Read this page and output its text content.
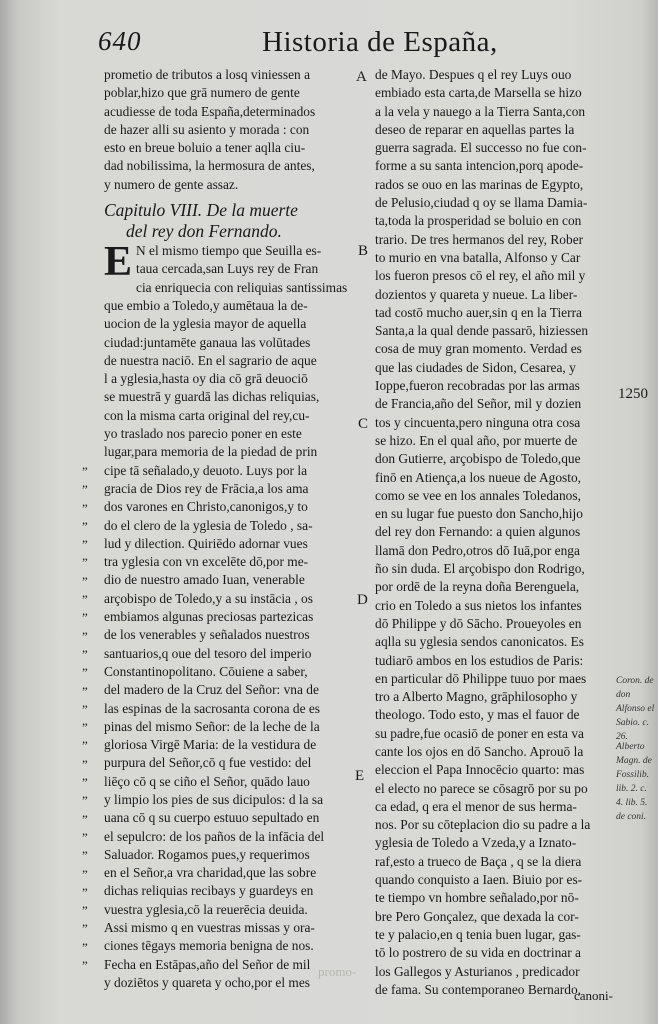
640	Historia de España,
prometio de tributos a losq viniessen a
poblar,hizo que grā numero de gente
acudiesse de toda España,determinados
de hazer alli su asiento y morada : con
esto en breue boluio a tener aqlla ciu-
dad nobilissima, la hermosura de antes,
y numero de gente assaz.
Capitulo VIII. De la muerte
del rey don Fernando.
E N el mismo tiempo que Seuilla es-
taua cercada,san Luys rey de Fran
cia enriquecia con reliquias santissimas
que embio a Toledo,y aumētaua la de-
uocion de la yglesia mayor de aquella
ciudad:juntamēte ganaua las volūtades
de nuestra naciō. En el sagrario de aque
l a yglesia,hasta oy dia cō grā deuociō
se muestrā y guardā las dichas reliquias,
con la misma carta original del rey,cu-
yo traslado nos parecio poner en este
lugar,para memoria de la piedad de prin
cipe tā señalado,y deuoto. Luys por la
gracia de Dios rey de Frācia,a los ama
dos varones en Christo,canonigos,y to
do el clero de la yglesia de Toledo , sa-
lud y dilection. Quiriēdo adornar vues
tra yglesia con vn excelēte dō,por me-
dio de nuestro amado Iuan, venerable
arçobispo de Toledo,y a su instācia , os
embiamos algunas preciosas partezicas
de los venerables y señalados nuestros
santuarios,q oue del tesoro del imperio
Constantinopolitano. Cōuiene a saber,
del madero de la Cruz del Señor: vna de
las espinas de la sacrosanta corona de es
pinas del mismo Señor: de la leche de la
gloriosa Virgē Maria: de la vestidura de
purpura del Señor,cō q fue vestido: del
liēço cō q se ciño el Señor, quādo lauo
y limpio los pies de sus dicipulos: d la sa
uana cō q su cuerpo estuuo sepultado en
el sepulcro: de los paños de la infācia del
Saluador. Rogamos pues,y requerimos
en el Señor,a vra charidad,que las sobre
dichas reliquias recibays y guardeys en
vuestra yglesia,cō la reuerēcia deuida.
Assi mismo q en vuestras missas y ora-
ciones tēgays memoria benigna de nos.
Fecha en Estāpas,año del Señor de mil
y doziētos y quareta y ocho,por el mes
de Mayo. Despues q el rey Luys ouo
embiado esta carta,de Marsella se hizo
a la vela y nauego a la Tierra Santa,con
deseo de reparar en aquellas partes la
guerra sagrada. El successo no fue con-
forme a su santa intencion,porq apode-
rados se ouo en las marinas de Egypto,
de Pelusio,ciudad q oy se llama Damia-
ta,toda la prosperidad se boluio en con
trario. De tres hermanos del rey, Rober
to murio en vna batalla, Alfonso y Car
los fueron presos cō el rey, el año mil y
dozientos y quareta y nueue. La liber-
tad costō mucho auer,sin q en la Tierra
Santa,a la qual dende passarō, hiziessen
cosa de muy gran momento. Verdad es
que las ciudades de Sidon, Cesarea, y
Ioppe,fueron recobradas por las armas
de Francia,año del Señor, mil y dozien
tos y cincuenta,pero ninguna otra cosa
se hizo. En el qual año, por muerte de
don Gutierre, arçobispo de Toledo,que
finō en Atiença,a los nueue de Agosto,
como se vee en los annales Toledanos,
en su lugar fue puesto don Sancho,hijo
del rey don Fernando: a quien algunos
llamā don Pedro,otros dō Iuā,por enga
ño sin duda. El arçobispo don Rodrigo,
por ordē de la reyna doña Berenguela,
crio en Toledo a sus nietos los infantes
dō Philippe y dō Sācho. Proueyoles en
aqlla su yglesia sendos canonicatos. Es
tudiarō ambos en los estudios de Paris:
en particular dō Philippe tuuo por maes
tro a Alberto Magno, grāphilosopho y
theologo. Todo esto, y mas el fauor de
su padre,fue ocasiō de poner en esta va
cante los ojos en dō Sancho. Aprouō la
eleccion el Papa Innocēcio quarto: mas
el electo no parece se cōsagrō por su po
ca edad, q era el menor de sus herma-
nos. Por su cōteplacion dio su padre a la
yglesia de Toledo a Vzeda,y a Iznato-
raf,esto a trueco de Baça , q se la diera
quando conquisto a Iaen. Biuio por es-
te tiempo vn hombre señalado,por nō-
bre Pero Gonçalez, que dexada la cor-
te y palacio,en q tenia buen lugar, gas-
tō lo postrero de su vida en doctrinar a
los Gallegos y Asturianos , predicador
de fama. Su contemporaneo Bernardo,
A
B
C
D
E
„
„
„
„
„
„
„
„
„
„
„
„
„
„
„
„
„
„
„
„
„
„
„
„
„
„
„
„
1250
Coron. de don Alfonso el Sabio. c. 26.
Alberto Magn. de Fossilib. lib. 2. c. 4. lib. 5. de coni.
canoni-
promo-
